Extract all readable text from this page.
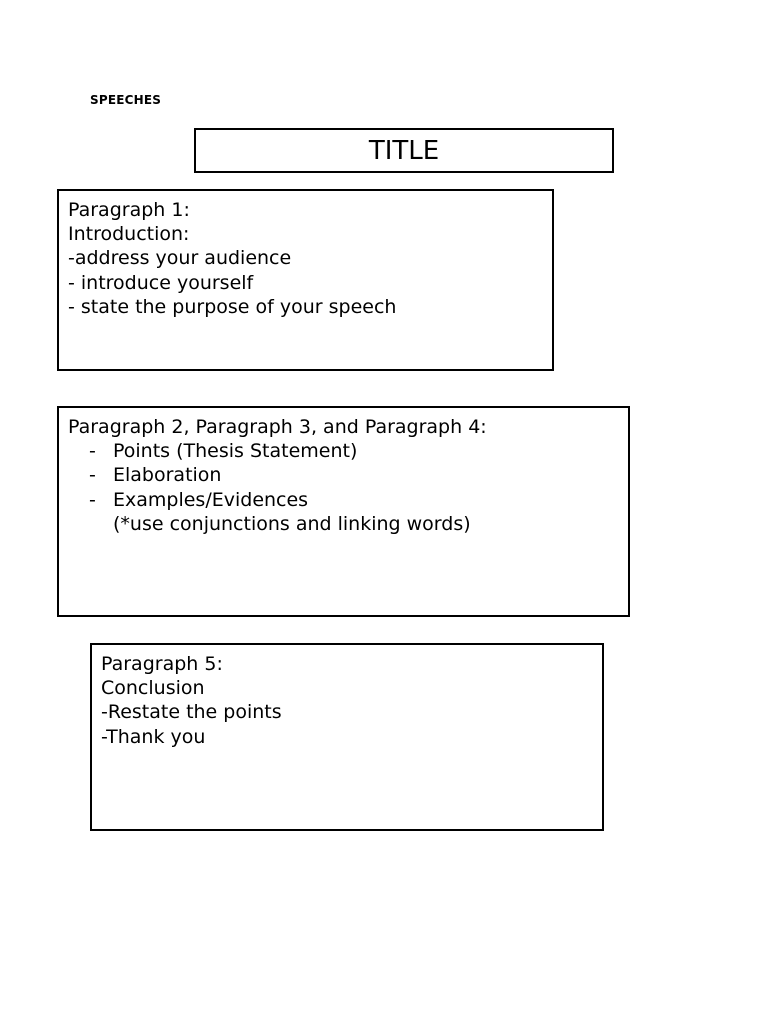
SPEECHES
TITLE
Paragraph 1:
Introduction:
-address your audience
- introduce yourself
- state the purpose of your speech
Paragraph 2, Paragraph 3, and Paragraph 4:
- Points (Thesis Statement)
- Elaboration
- Examples/Evidences
(*use conjunctions and linking words)
Paragraph 5:
Conclusion
-Restate the points
-Thank you
